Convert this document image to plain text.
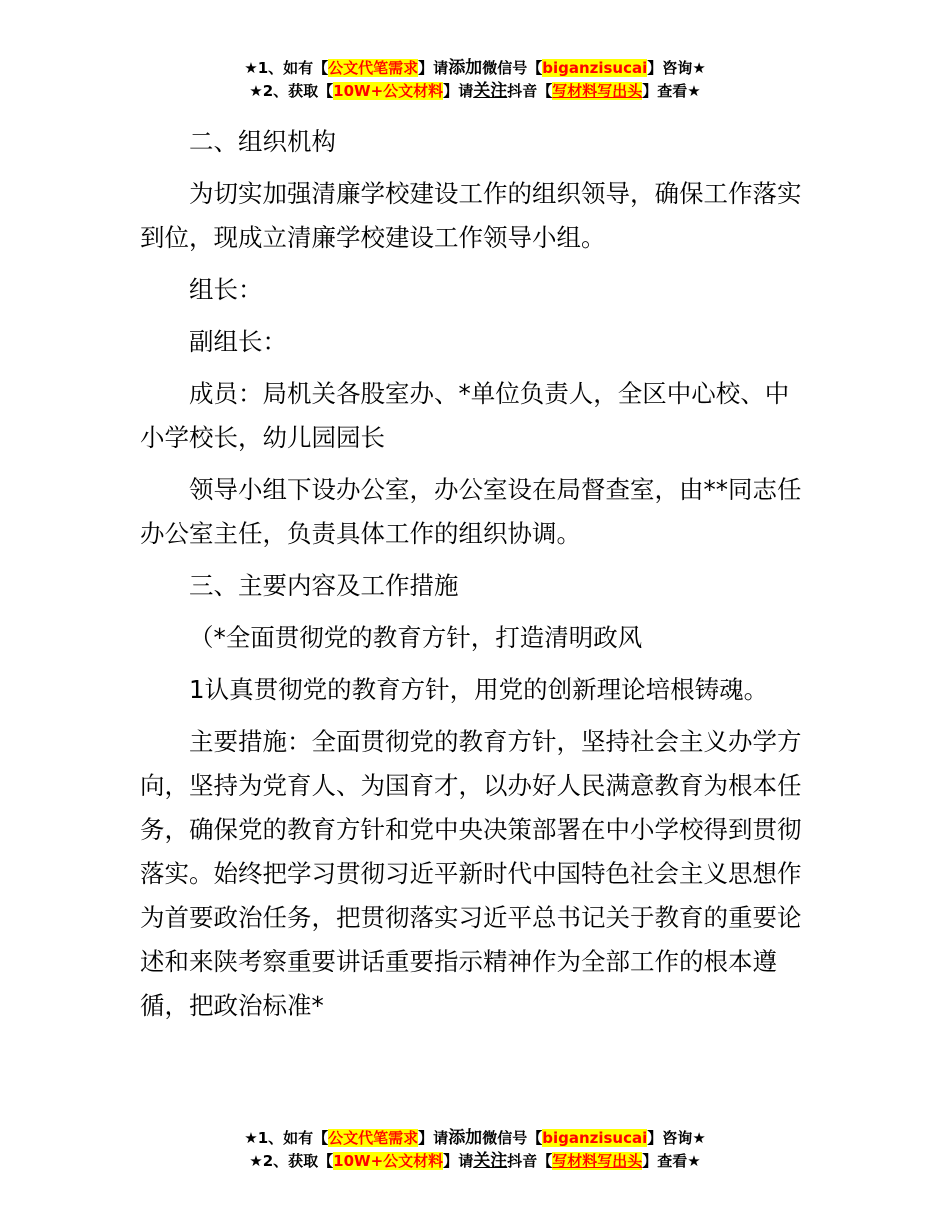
★1、如有【公文代笔需求】请添加微信号【biganzisucai】咨询★
★2、获取【10W+公文材料】请关注抖音【写材料写出头】查看★

二、组织机构

为切实加强清廉学校建设工作的组织领导，确保工作落实到位，现成立清廉学校建设工作领导小组。

组长：

副组长：

成员：局机关各股室办、*单位负责人，全区中心校、中小学校长，幼儿园园长

领导小组下设办公室，办公室设在局督查室，由**同志任办公室主任，负责具体工作的组织协调。

三、主要内容及工作措施

（*全面贯彻党的教育方针，打造清明政风

1认真贯彻党的教育方针，用党的创新理论培根铸魂。

主要措施：全面贯彻党的教育方针，坚持社会主义办学方向，坚持为党育人、为国育才，以办好人民满意教育为根本任务，确保党的教育方针和党中央决策部署在中小学校得到贯彻落实。始终把学习贯彻习近平新时代中国特色社会主义思想作为首要政治任务，把贯彻落实习近平总书记关于教育的重要论述和来陕考察重要讲话重要指示精神作为全部工作的根本遵循，把政治标准*

★1、如有【公文代笔需求】请添加微信号【biganzisucai】咨询★
★2、获取【10W+公文材料】请关注抖音【写材料写出头】查看★
